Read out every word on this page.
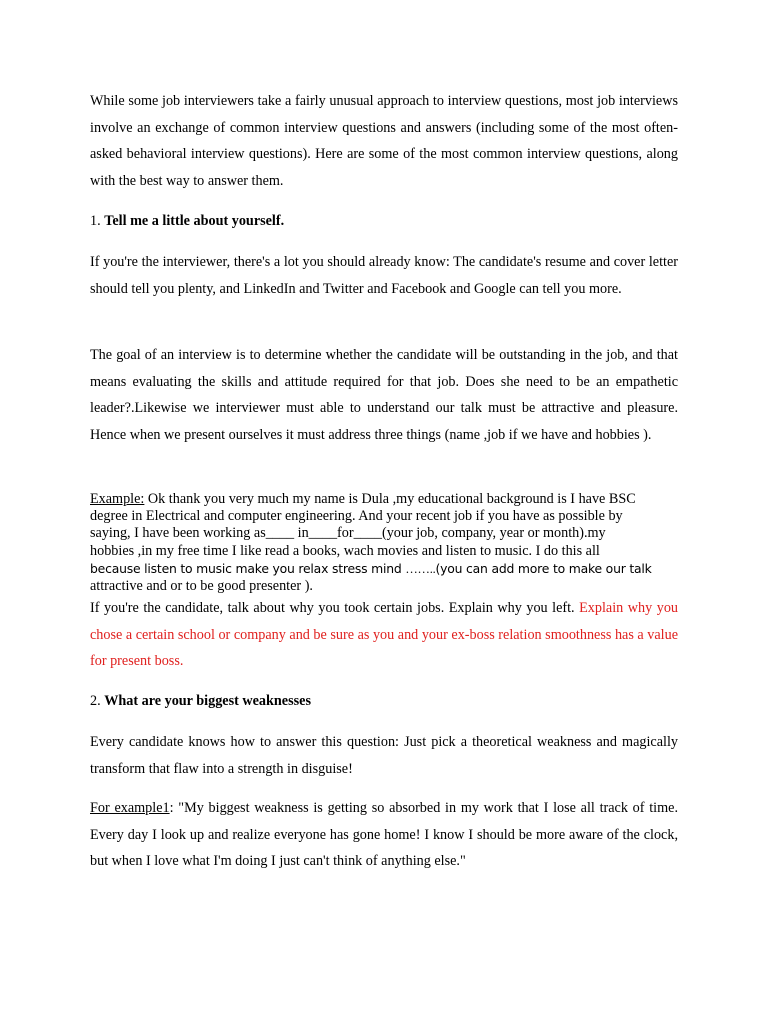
While some job interviewers take a fairly unusual approach to interview questions, most job interviews involve an exchange of common interview questions and answers (including some of the most often-asked behavioral interview questions). Here are some of the most common interview questions, along with the best way to answer them.

1. Tell me a little about yourself.

If you're the interviewer, there's a lot you should already know: The candidate's resume and cover letter should tell you plenty, and LinkedIn and Twitter and Facebook and Google can tell you more.

The goal of an interview is to determine whether the candidate will be outstanding in the job, and that means evaluating the skills and attitude required for that job. Does she need to be an empathetic leader?.Likewise we interviewer must able to understand our talk must be attractive and pleasure. Hence when we present ourselves it must address three things (name ,job if we have and hobbies ).

Example: Ok thank you very much my name is Dula ,my educational background is I have BSC
degree in Electrical and computer engineering. And your recent job if you have as possible by
saying, I have been working as____ in____for____(your job, company, year or month).my
hobbies ,in my free time I like read a books, wach movies and listen to music. I do this all
because listen to music make you relax stress mind ……..(you can add more to make our talk
attractive and or to be good presenter ).

If you're the candidate, talk about why you took certain jobs. Explain why you left. Explain why you chose a certain school or company and be sure as you and your ex-boss relation smoothness has a value for present boss.

2. What are your biggest weaknesses

Every candidate knows how to answer this question: Just pick a theoretical weakness and magically transform that flaw into a strength in disguise!

For example1: "My biggest weakness is getting so absorbed in my work that I lose all track of time. Every day I look up and realize everyone has gone home! I know I should be more aware of the clock, but when I love what I'm doing I just can't think of anything else."
